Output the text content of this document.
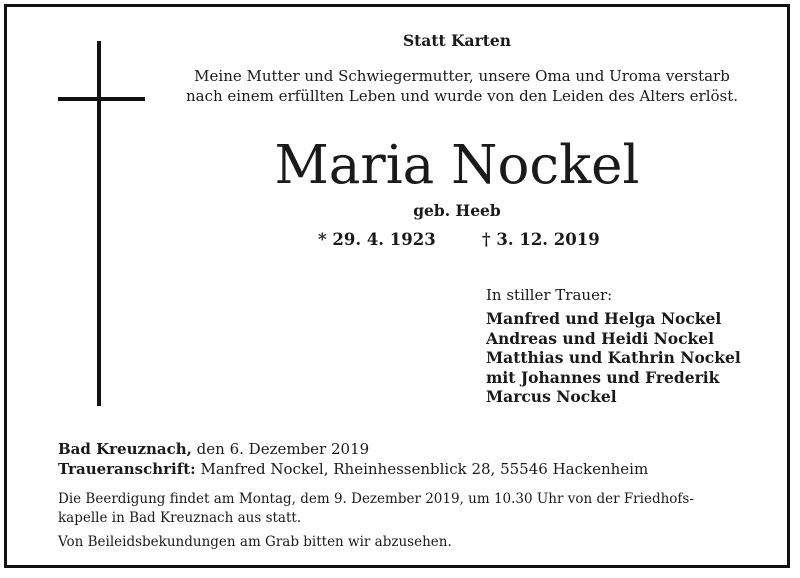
Statt Karten
Meine Mutter und Schwiegermutter, unsere Oma und Uroma verstarb
nach einem erfüllten Leben und wurde von den Leiden des Alters erlöst.
Maria Nockel
geb. Heeb
* 29. 4. 1923	† 3. 12. 2019
In stiller Trauer:
Manfred und Helga Nockel
Andreas und Heidi Nockel
Matthias und Kathrin Nockel
mit Johannes und Frederik
Marcus Nockel
Bad Kreuznach, den 6. Dezember 2019
Traueranschrift: Manfred Nockel, Rheinhessenblick 28, 55546 Hackenheim
Die Beerdigung findet am Montag, dem 9. Dezember 2019, um 10.30 Uhr von der Friedhofs-
kapelle in Bad Kreuznach aus statt.
Von Beileidsbekundungen am Grab bitten wir abzusehen.
